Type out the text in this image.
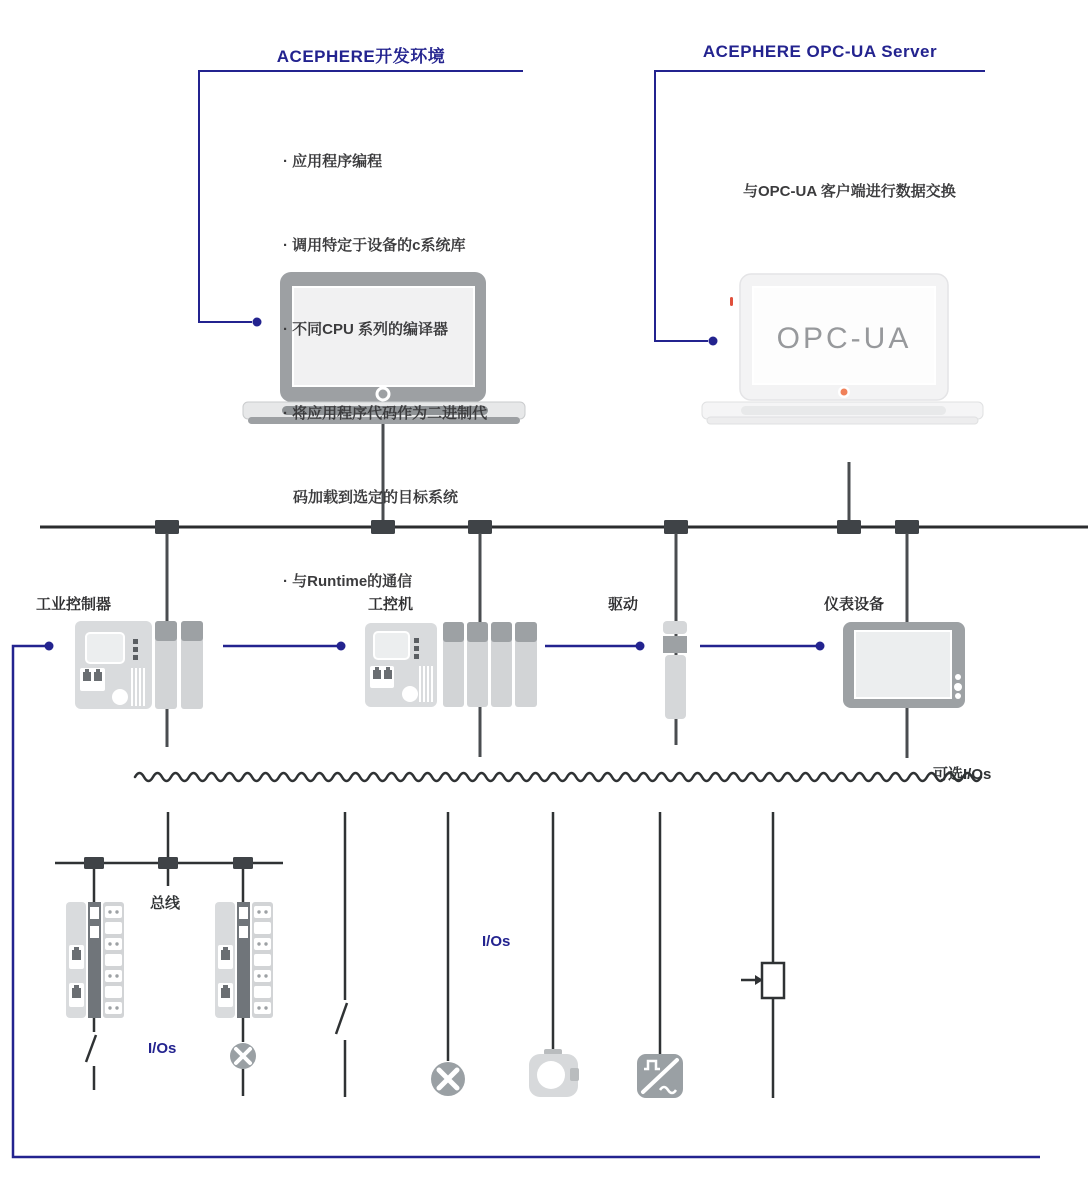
ACEPHERE开发环境

· 应用程序编程

· 调用特定于设备的c系统库

· 不同CPU 系列的编译器

· 将应用程序代码作为二进制代

码加载到选定的目标系统

· 与Runtime的通信

ACEPHERE OPC-UA Server
与OPC-UA 客户端进行数据交换
OPC-UA
工业控制器	工控机	驱动	仪表设备
可选I/Os
总线
I/Os
I/Os
